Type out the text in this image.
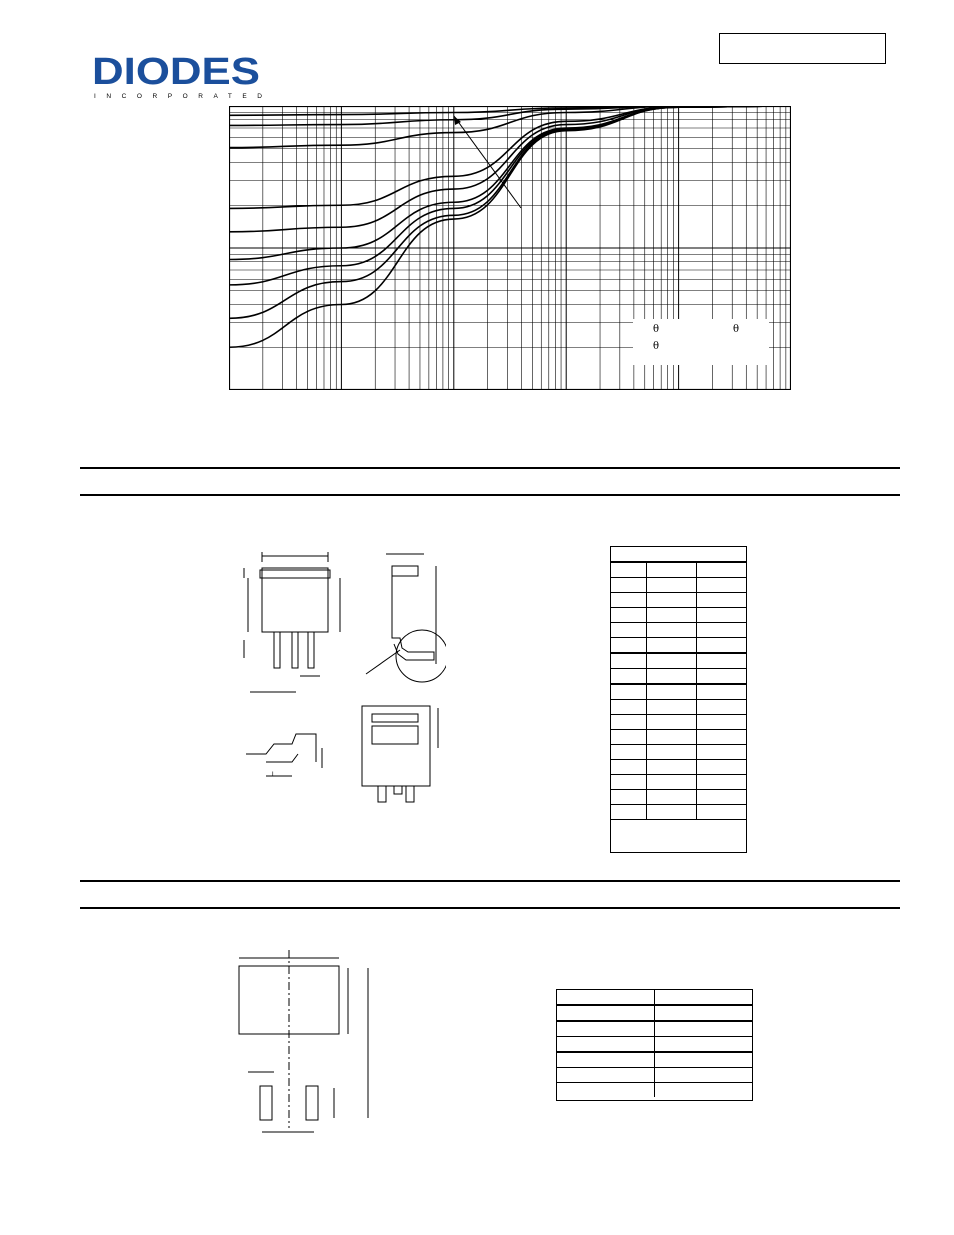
DIODES
INCORPORATED
θ	θ
θ
L
